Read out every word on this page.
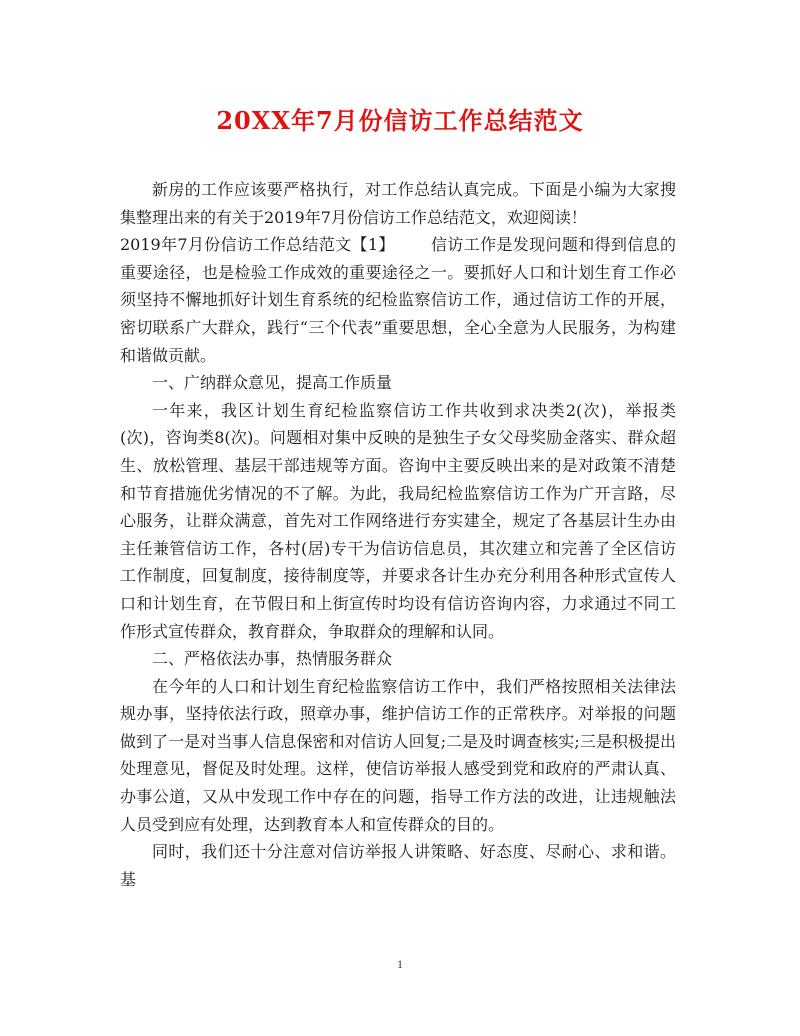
20XX年7月份信访工作总结范文

新房的工作应该要严格执行，对工作总结认真完成。下面是小编为大家搜集整理出来的有关于2019年7月份信访工作总结范文，欢迎阅读！

2019年7月份信访工作总结范文【1】 信访工作是发现问题和得到信息的重要途径，也是检验工作成效的重要途径之一。要抓好人口和计划生育工作必须坚持不懈地抓好计划生育系统的纪检监察信访工作，通过信访工作的开展，密切联系广大群众，践行“三个代表”重要思想，全心全意为人民服务，为构建和谐做贡献。

一、广纳群众意见，提高工作质量

一年来，我区计划生育纪检监察信访工作共收到求决类2(次)，举报类(次)，咨询类8(次)。问题相对集中反映的是独生子女父母奖励金落实、群众超生、放松管理、基层干部违规等方面。咨询中主要反映出来的是对政策不清楚和节育措施优劣情况的不了解。为此，我局纪检监察信访工作为广开言路，尽心服务，让群众满意，首先对工作网络进行夯实建全，规定了各基层计生办由主任兼管信访工作，各村(居)专干为信访信息员，其次建立和完善了全区信访工作制度，回复制度，接待制度等，并要求各计生办充分利用各种形式宣传人口和计划生育，在节假日和上街宣传时均设有信访咨询内容，力求通过不同工作形式宣传群众，教育群众，争取群众的理解和认同。

二、严格依法办事，热情服务群众

在今年的人口和计划生育纪检监察信访工作中，我们严格按照相关法律法规办事，坚持依法行政，照章办事，维护信访工作的正常秩序。对举报的问题做到了一是对当事人信息保密和对信访人回复;二是及时调查核实;三是积极提出处理意见，督促及时处理。这样，使信访举报人感受到党和政府的严肃认真、办事公道，又从中发现工作中存在的问题，指导工作方法的改进，让违规触法人员受到应有处理，达到教育本人和宣传群众的目的。

同时，我们还十分注意对信访举报人讲策略、好态度、尽耐心、求和谐。基

1
